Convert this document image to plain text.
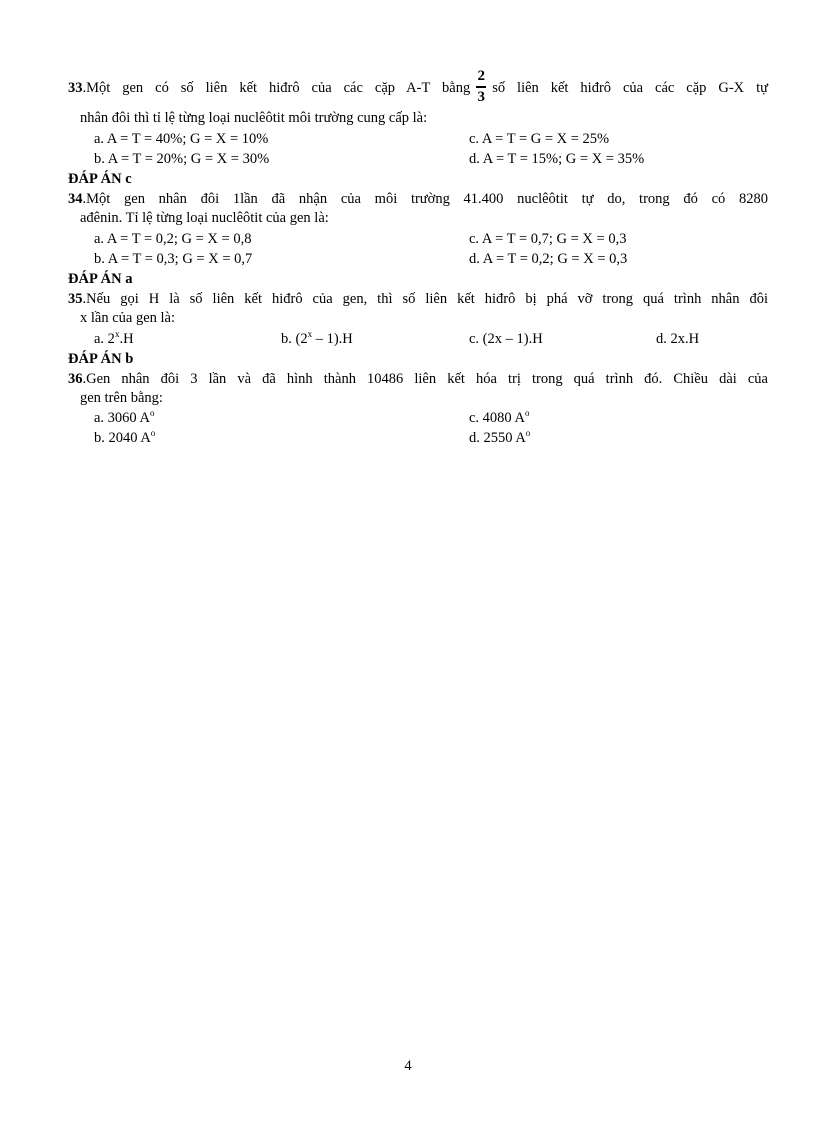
33.Một gen có số liên kết hiđrô của các cặp A-T bằng $\frac{2}{3}$ số liên kết hiđrô của các cặp G-X tự
nhân đôi thì tỉ lệ từng loại nuclêôtit môi trường cung cấp là:
a. A = T = 40%; G = X = 10%	c. A = T = G = X = 25%
b. A = T = 20%; G = X = 30%	d. A = T = 15%; G = X = 35%
ĐÁP ÁN c
34.Một gen nhân đôi 1lần đã nhận của môi trường 41.400 nuclêôtit tự do, trong đó có 8280
ađênin. Tỉ lệ từng loại nuclêôtit của gen là:
a. A = T = 0,2; G = X = 0,8	c. A = T = 0,7; G = X = 0,3
b. A = T = 0,3; G = X = 0,7	d. A = T = 0,2; G = X = 0,3
ĐÁP ÁN a
35.Nếu gọi H là số liên kết hiđrô của gen, thì số liên kết hiđrô bị phá vỡ trong quá trình nhân đôi
x lần của gen là:
a. 2$^x$.H	b. (2$^x$ – 1).H	c. (2x – 1).H	d. 2x.H
ĐÁP ÁN b
36.Gen nhân đôi 3 lần và đã hình thành 10486 liên kết hóa trị trong quá trình đó. Chiều dài của
gen trên bằng:
a. 3060 $A^o$	c. 4080 $A^o$
b. 2040 $A^o$	d. 2550 $A^o$
4
